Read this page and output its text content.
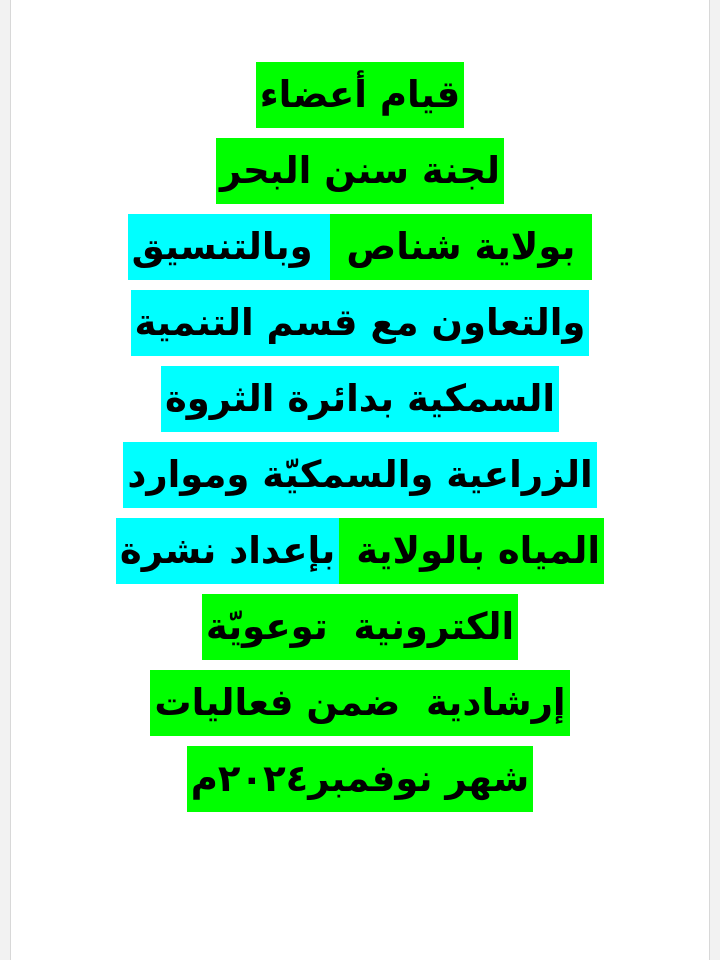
قيام أعضاء
لجنة سنن البحر
بولاية شناص
وبالتنسيق
والتعاون مع قسم التنمية
السمكية بدائرة الثروة
الزراعية والسمكيّة وموارد
المياه بالولاية
بإعداد نشرة
الكترونية  توعويّة
إرشادية  ضمن فعاليات
شهر نوفمبر٢٠٢٤م
